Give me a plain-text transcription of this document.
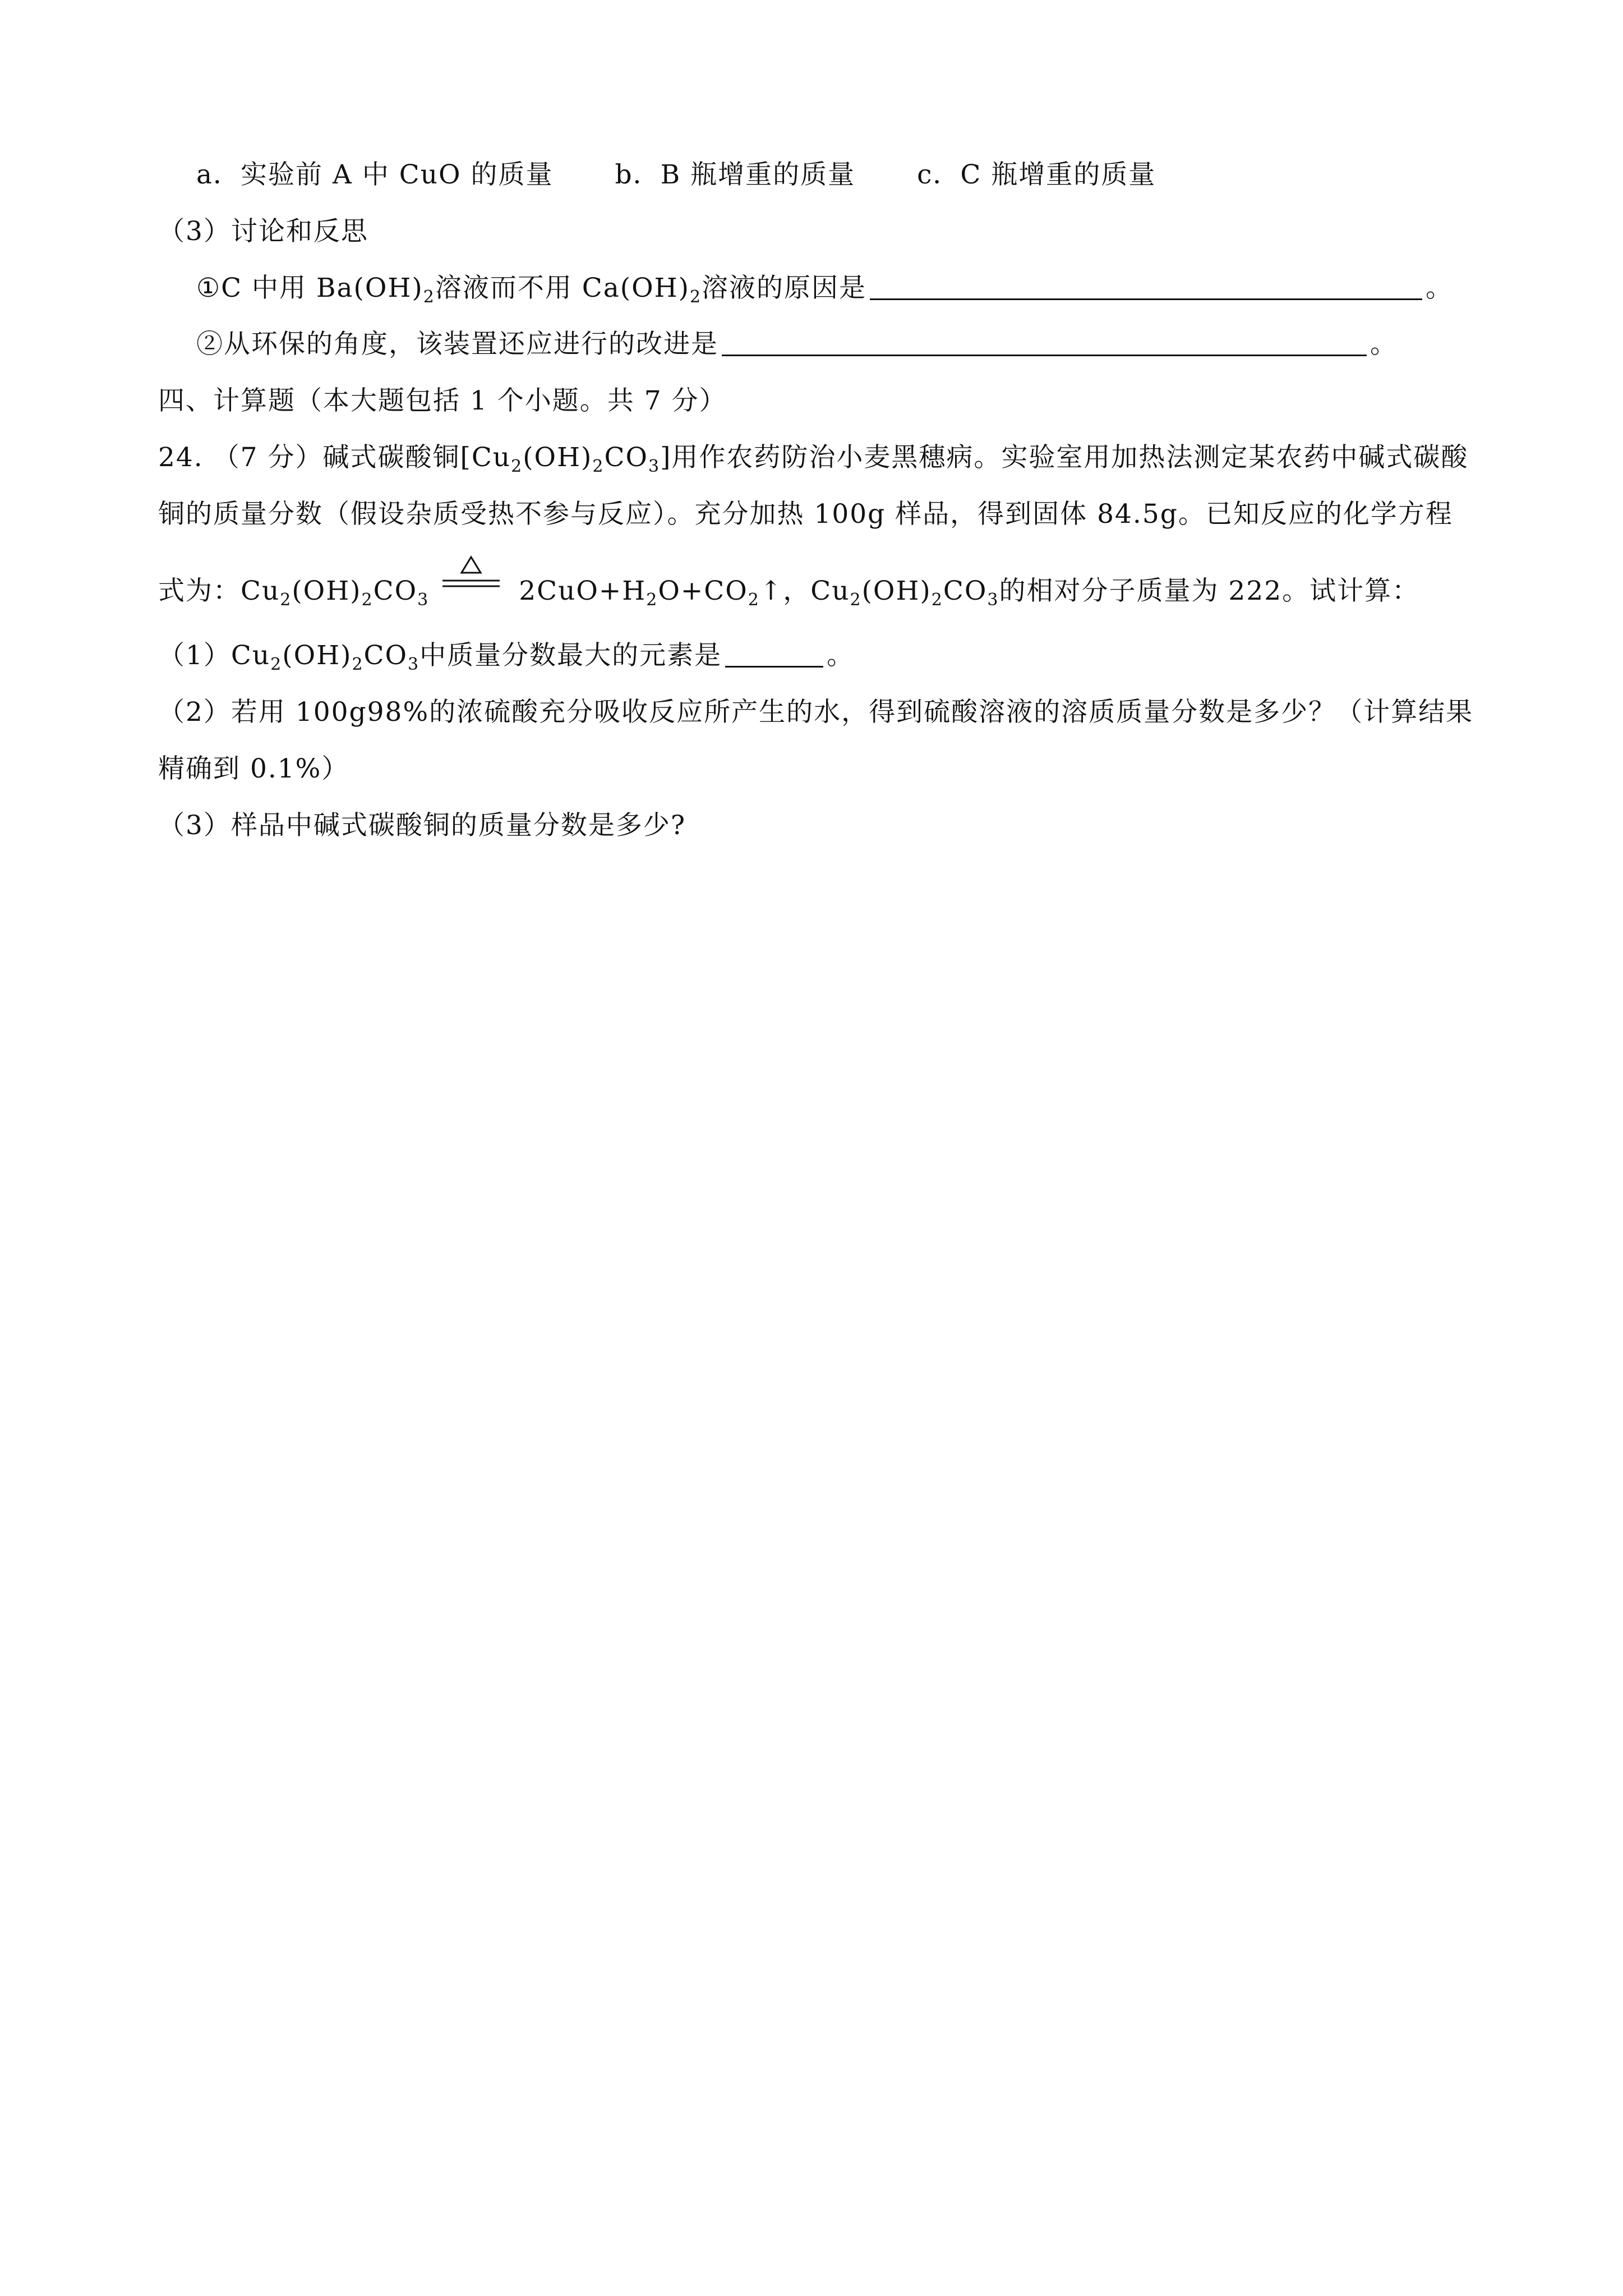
a．实验前 A 中 CuO 的质量 b．B 瓶增重的质量 c．C 瓶增重的质量
（3）讨论和反思
①C 中用 $Ba(OH)_2$溶液而不用 $Ca(OH)_2$溶液的原因是	。
②从环保的角度，该装置还应进行的改进是	。
四、计算题（本大题包括 1 个小题。共 7 分）
24. （7 分）碱式碳酸铜$[Cu_2(OH)_2CO_3]$用作农药防治小麦黑穗病。实验室用加热法测定某农药中碱式碳酸
铜的质量分数（假设杂质受热不参与反应）。充分加热 100g 样品，得到固体 84.5g。已知反应的化学方程
式为：$Cu_2(OH)_2CO_3$	$2CuO+H_2O+CO_2↑$，$Cu_2(OH)_2CO_3$的相对分子质量为 222。试计算：
$(1)Cu_2(OH)_2CO_3$中质量分数最大的元素是	。
（2）若用 100g98%的浓硫酸充分吸收反应所产生的水，得到硫酸溶液的溶质质量分数是多少？（计算结果
精确到 0.1%）
（3）样品中碱式碳酸铜的质量分数是多少?
